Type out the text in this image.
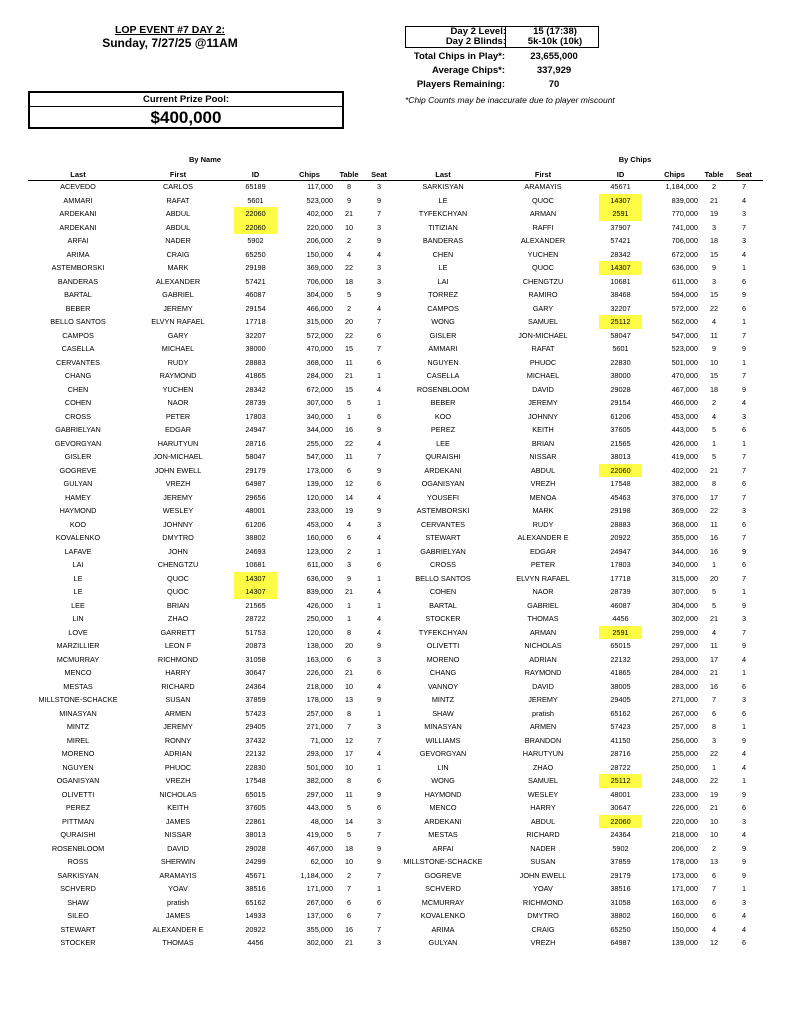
LOP EVENT #7 DAY 2:
Sunday, 7/27/25 @11AM
Current Prize Pool:
$400,000
Day 2 Level:	15 (17:38)
Day 2 Blinds:	5k-10k (10k)
Total Chips in Play*:	23,655,000
Average Chips*:	337,929
Players Remaining:	70
*Chip Counts may be inaccurate due to player miscount
By Name	By Chips
Last	First	ID	Chips	Table	Seat
ACEVEDO	CARLOS	65189	117,000	8	3
AMMARI	RAFAT	5601	523,000	9	9
ARDEKANI	ABDUL	22060	402,000	21	7
ARDEKANI	ABDUL	22060	220,000	10	3
ARFAI	NADER	5902	206,000	2	9
ARIMA	CRAIG	65250	150,000	4	4
ASTEMBORSKI	MARK	29198	369,000	22	3
BANDERAS	ALEXANDER	57421	706,000	18	3
BARTAL	GABRIEL	46087	304,000	5	9
BEBER	JEREMY	29154	466,000	2	4
BELLO SANTOS	ELVYN RAFAEL	17718	315,000	20	7
CAMPOS	GARY	32207	572,000	22	6
CASELLA	MICHAEL	38000	470,000	15	7
CERVANTES	RUDY	28883	368,000	11	6
CHANG	RAYMOND	41865	284,000	21	1
CHEN	YUCHEN	28342	672,000	15	4
COHEN	NAOR	28739	307,000	5	1
CROSS	PETER	17803	340,000	1	6
GABRIELYAN	EDGAR	24947	344,000	16	9
GEVORGYAN	HARUTYUN	28716	255,000	22	4
GISLER	JON-MICHAEL	58047	547,000	11	7
GOGREVE	JOHN EWELL	29179	173,000	6	9
GULYAN	VREZH	64987	139,000	12	6
HAMEY	JEREMY	29656	120,000	14	4
HAYMOND	WESLEY	48001	233,000	19	9
KOO	JOHNNY	61206	453,000	4	3
KOVALENKO	DMYTRO	38802	160,000	6	4
LAFAVE	JOHN	24693	123,000	2	1
LAI	CHENGTZU	10681	611,000	3	6
LE	QUOC	14307	636,000	9	1
LE	QUOC	14307	839,000	21	4
LEE	BRIAN	21565	426,000	1	1
LIN	ZHAO	28722	250,000	1	4
LOVE	GARRETT	51753	120,000	8	4
MARZILLIER	LEON F	20873	138,000	20	9
MCMURRAY	RICHMOND	31058	163,000	6	3
MENCO	HARRY	30647	226,000	21	6
MESTAS	RICHARD	24364	218,000	10	4
MILLSTONE-SCHACKE	SUSAN	37859	178,000	13	9
MINASYAN	ARMEN	57423	257,000	8	1
MINTZ	JEREMY	29405	271,000	7	3
MIREL	RONNY	37432	71,000	12	7
MORENO	ADRIAN	22132	293,000	17	4
NGUYEN	PHUOC	22830	501,000	10	1
OGANISYAN	VREZH	17548	382,000	8	6
OLIVETTI	NICHOLAS	65015	297,000	11	9
PEREZ	KEITH	37605	443,000	5	6
PITTMAN	JAMES	22861	48,000	14	3
QURAISHI	NISSAR	38013	419,000	5	7
ROSENBLOOM	DAVID	29028	467,000	18	9
ROSS	SHERWIN	24299	62,000	10	9
SARKISYAN	ARAMAYIS	45671	1,184,000	2	7
SCHVERD	YOAV	38516	171,000	7	1
SHAW	pratish	65162	267,000	6	6
SILEO	JAMES	14933	137,000	6	7
STEWART	ALEXANDER E	20922	355,000	16	7
STOCKER	THOMAS	4456	302,000	21	3
Last	First	ID	Chips	Table	Seat
SARKISYAN	ARAMAYIS	45671	1,184,000	2	7
LE	QUOC	14307	839,000	21	4
TYFEKCHYAN	ARMAN	2591	770,000	19	3
TITIZIAN	RAFFI	37907	741,000	3	7
BANDERAS	ALEXANDER	57421	706,000	18	3
CHEN	YUCHEN	28342	672,000	15	4
LE	QUOC	14307	636,000	9	1
LAI	CHENGTZU	10681	611,000	3	6
TORREZ	RAMIRO	38468	594,000	15	9
CAMPOS	GARY	32207	572,000	22	6
WONG	SAMUEL	25112	562,000	4	1
GISLER	JON-MICHAEL	58047	547,000	11	7
AMMARI	RAFAT	5601	523,000	9	9
NGUYEN	PHUOC	22830	501,000	10	1
CASELLA	MICHAEL	38000	470,000	15	7
ROSENBLOOM	DAVID	29028	467,000	18	9
BEBER	JEREMY	29154	466,000	2	4
KOO	JOHNNY	61206	453,000	4	3
PEREZ	KEITH	37605	443,000	5	6
LEE	BRIAN	21565	426,000	1	1
QURAISHI	NISSAR	38013	419,000	5	7
ARDEKANI	ABDUL	22060	402,000	21	7
OGANISYAN	VREZH	17548	382,000	8	6
YOUSEFI	MENOA	45463	376,000	17	7
ASTEMBORSKI	MARK	29198	369,000	22	3
CERVANTES	RUDY	28883	368,000	11	6
STEWART	ALEXANDER E	20922	355,000	16	7
GABRIELYAN	EDGAR	24947	344,000	16	9
CROSS	PETER	17803	340,000	1	6
BELLO SANTOS	ELVYN RAFAEL	17718	315,000	20	7
COHEN	NAOR	28739	307,000	5	1
BARTAL	GABRIEL	46087	304,000	5	9
STOCKER	THOMAS	4456	302,000	21	3
TYFEKCHYAN	ARMAN	2591	299,000	4	7
OLIVETTI	NICHOLAS	65015	297,000	11	9
MORENO	ADRIAN	22132	293,000	17	4
CHANG	RAYMOND	41865	284,000	21	1
VANNOY	DAVID	38005	283,000	16	6
MINTZ	JEREMY	29405	271,000	7	3
SHAW	pratish	65162	267,000	6	6
MINASYAN	ARMEN	57423	257,000	8	1
WILLIAMS	BRANDON	41150	256,000	3	9
GEVORGYAN	HARUTYUN	28716	255,000	22	4
LIN	ZHAO	28722	250,000	1	4
WONG	SAMUEL	25112	248,000	22	1
HAYMOND	WESLEY	48001	233,000	19	9
MENCO	HARRY	30647	226,000	21	6
ARDEKANI	ABDUL	22060	220,000	10	3
MESTAS	RICHARD	24364	218,000	10	4
ARFAI	NADER	5902	206,000	2	9
MILLSTONE-SCHACKE	SUSAN	37859	178,000	13	9
GOGREVE	JOHN EWELL	29179	173,000	6	9
SCHVERD	YOAV	38516	171,000	7	1
MCMURRAY	RICHMOND	31058	163,000	6	3
KOVALENKO	DMYTRO	38802	160,000	6	4
ARIMA	CRAIG	65250	150,000	4	4
GULYAN	VREZH	64987	139,000	12	6
